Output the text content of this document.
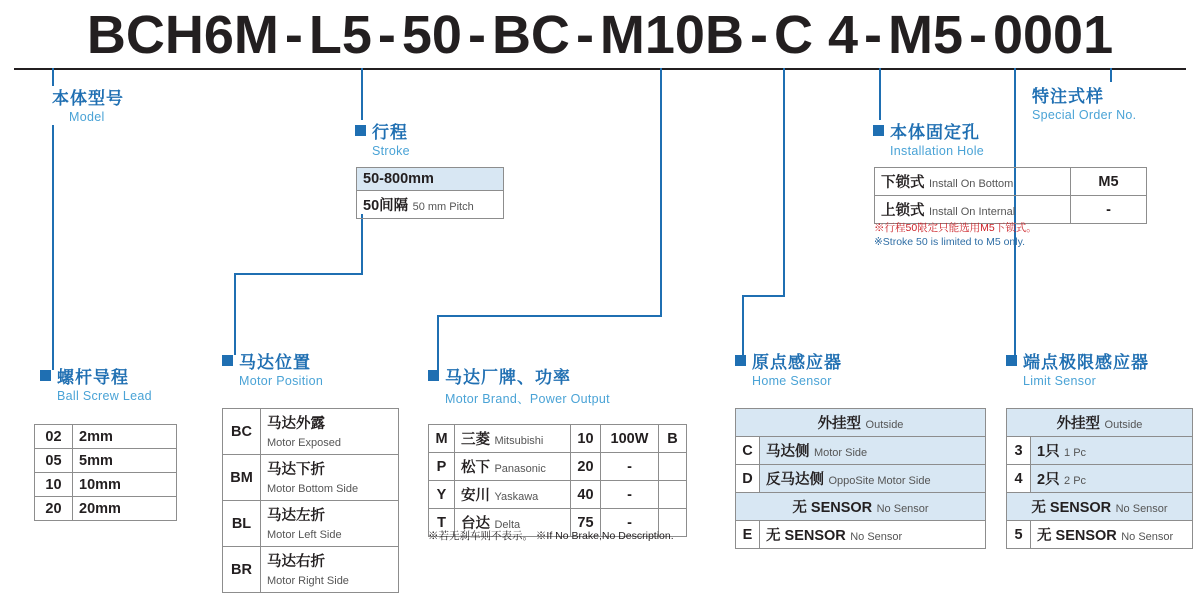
BCH6M - L5 - 50 - BC - M10B - C 4 - M5 - 0001
本体型号
Model
行程
Stroke
50-800mm
50间隔 50 mm Pitch
特注式样
Special Order No.
本体固定孔
Installation Hole
下锁式 Install On Bottom	M5
上锁式 Install On Internal	-
※行程50限定只能选用M5下锁式。
※Stroke 50 is limited to M5 only.
螺杆导程
Ball Screw Lead
02	2mm
05	5mm
10	10mm
20	20mm
马达位置
Motor Position
BC	马达外露
Motor Exposed
BM	马达下折
Motor Bottom Side
BL	马达左折
Motor Left Side
BR	马达右折
Motor Right Side
马达厂牌、功率
Motor Brand、Power Output
M	三菱 Mitsubishi	10	100W	B
P	松下 Panasonic	20	-	
Y	安川 Yaskawa	40	-	
T	台达 Delta	75	-	
※若无刹车则不表示。 ※If No Brake,No Description.
原点感应器
Home Sensor
外挂型 Outside	
C	马达侧 Motor Side
D	反马达侧 OppoSite Motor Side
无 SENSOR No Sensor	
E	无 SENSOR No Sensor
端点极限感应器
Limit Sensor
外挂型 Outside	
3	1只 1 Pc
4	2只 2 Pc
无 SENSOR No Sensor	
5	无 SENSOR No Sensor
